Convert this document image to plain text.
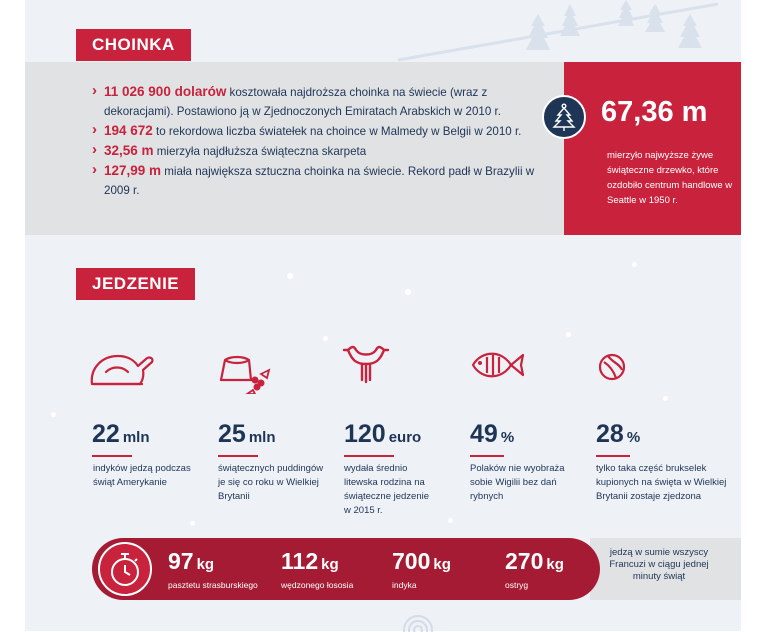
CHOINKA
› 11 026 900 dolarów kosztowała najdroższa choinka na świecie (wraz z dekoracjami). Postawiono ją w Zjednoczonych Emiratach Arabskich w 2010 r.
› 194 672 to rekordowa liczba światełek na choince w Malmedy w Belgii w 2010 r.
› 32,56 m mierzyła najdłuższa świąteczna skarpeta
› 127,99 m miała największa sztuczna choinka na świecie. Rekord padł w Brazylii w 2009 r.
67,36 m
mierzyło najwyższe żywe świąteczne drzewko, które ozdobiło centrum handlowe w Seattle w 1950 r.
JEDZENIE
22 mln
indyków jedzą podczas świąt Amerykanie
25 mln
świątecznych puddingów je się co roku w Wielkiej Brytanii
120 euro
wydała średnio litewska rodzina na świąteczne jedzenie w 2015 r.
49 %
Polaków nie wyobraża sobie Wigilii bez dań rybnych
28 %
tylko taka część brukselek kupionych na święta w Wielkiej Brytanii zostaje zjedzona
97 kg
pasztetu strasburskiego
112 kg
wędzonego łososia
700 kg
indyka
270 kg
ostryg
jedzą w sumie wszyscy Francuzi w ciągu jednej minuty świąt
